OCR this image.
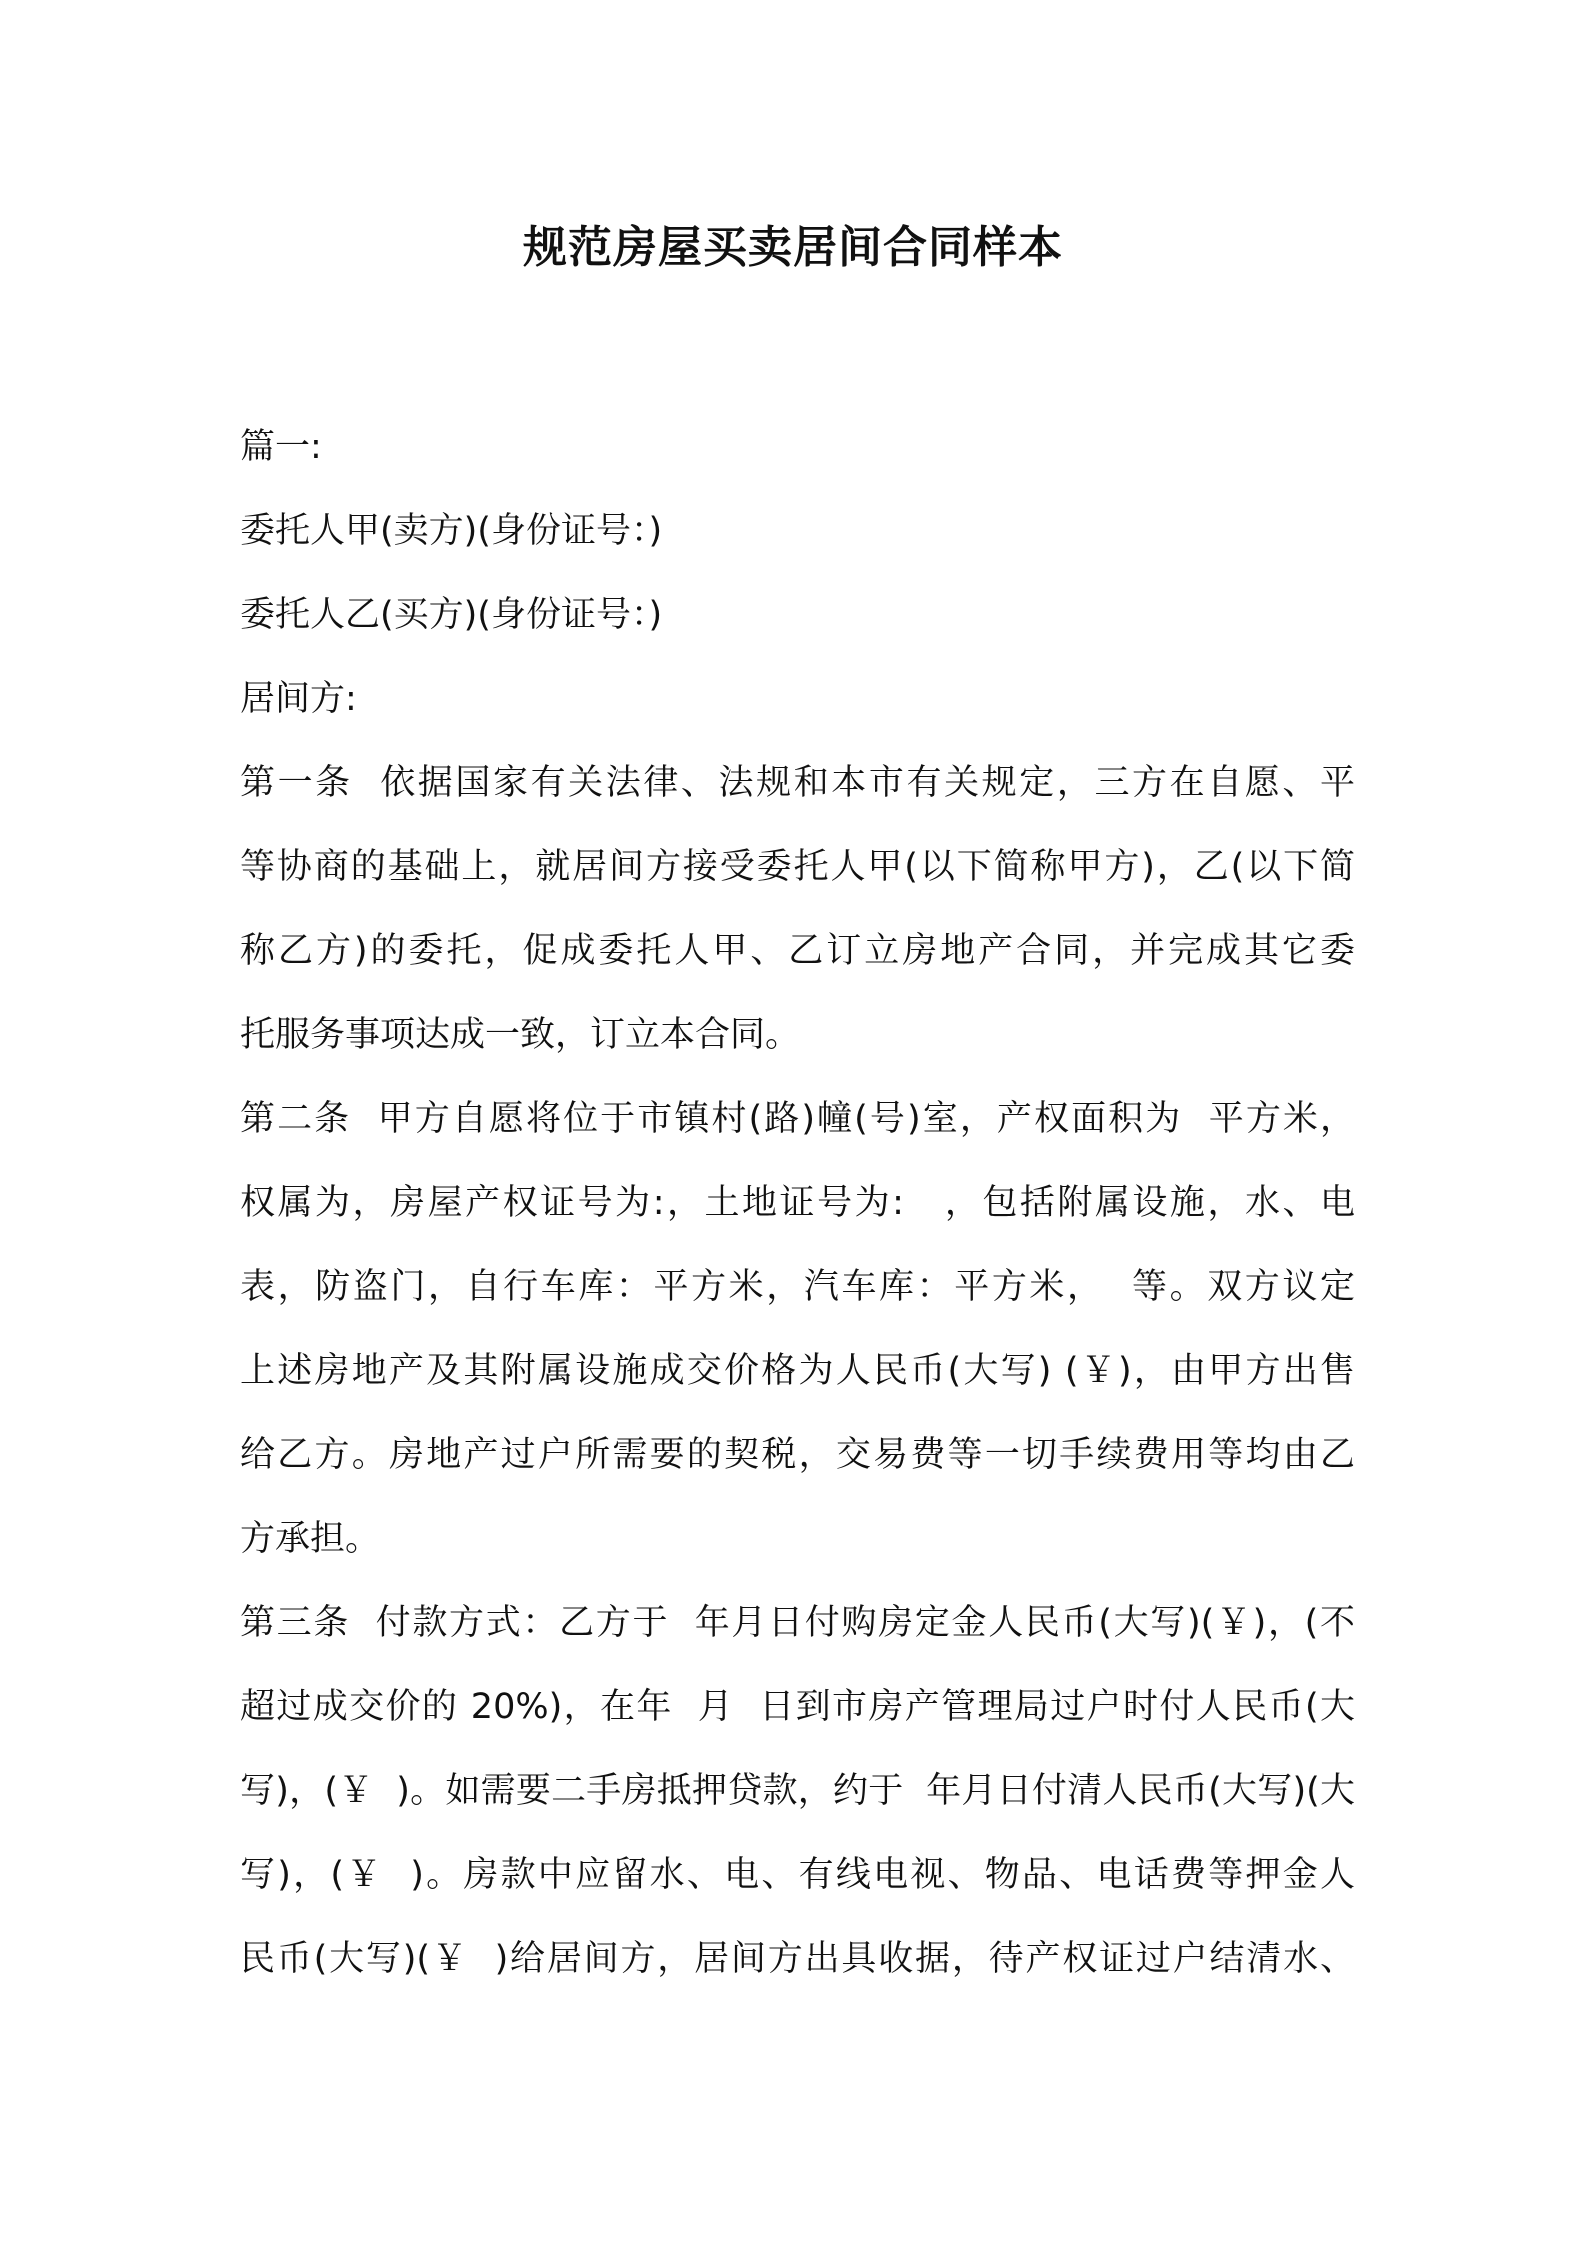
规范房屋买卖居间合同样本

篇一:

委托人甲(卖方)(身份证号：)

委托人乙(买方)(身份证号：)

居间方:

第一条  依据国家有关法律、法规和本市有关规定，三方在自愿、平

等协商的基础上，就居间方接受委托人甲(以下简称甲方)，乙(以下简

称乙方)的委托，促成委托人甲、乙订立房地产合同，并完成其它委

托服务事项达成一致，订立本合同。

第二条  甲方自愿将位于市镇村(路)幢(号)室，产权面积为  平方米，

权属为，房屋产权证号为:，土地证号为:   ，包括附属设施，水、电

表，防盗门，自行车库：平方米，汽车库：平方米，  等。双方议定

上述房地产及其附属设施成交价格为人民币(大写) (￥)，由甲方出售

给乙方。房地产过户所需要的契税，交易费等一切手续费用等均由乙

方承担。

第三条  付款方式：乙方于  年月日付购房定金人民币(大写)(￥)，(不

超过成交价的 20%)，在年  月  日到市房产管理局过户时付人民币(大

写)，(￥  )。如需要二手房抵押贷款，约于  年月日付清人民币(大写)(大

写)，(￥  )。房款中应留水、电、有线电视、物品、电话费等押金人

民币(大写)(￥  )给居间方，居间方出具收据，待产权证过户结清水、
